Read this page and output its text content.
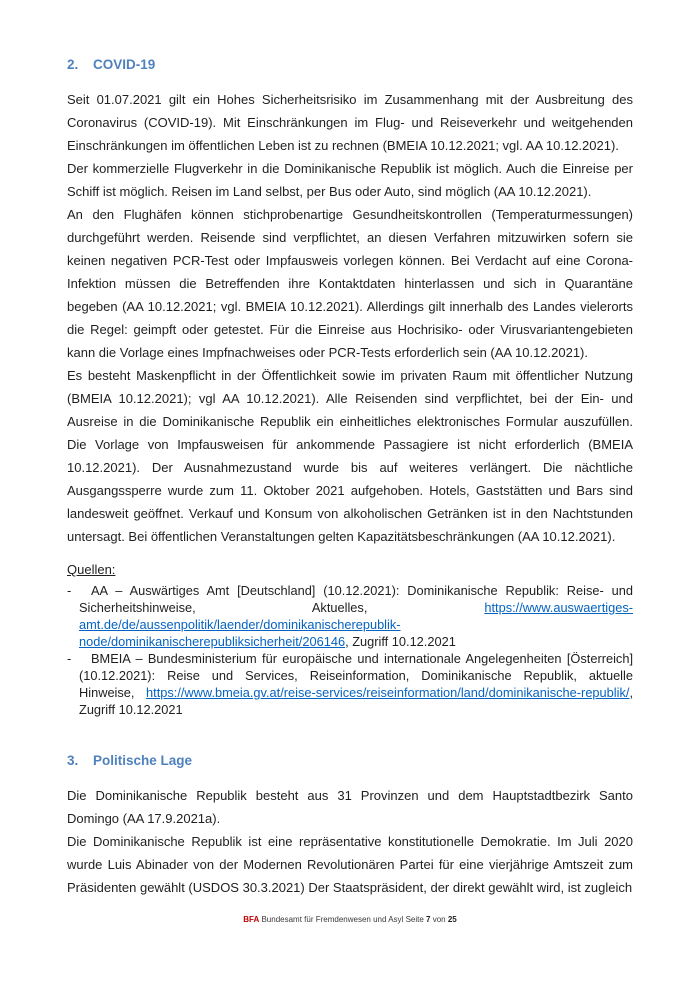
2. COVID-19

Seit 01.07.2021 gilt ein Hohes Sicherheitsrisiko im Zusammenhang mit der Ausbreitung des Coronavirus (COVID-19). Mit Einschränkungen im Flug- und Reiseverkehr und weitgehenden Einschränkungen im öffentlichen Leben ist zu rechnen (BMEIA 10.12.2021; vgl. AA 10.12.2021).

Der kommerzielle Flugverkehr in die Dominikanische Republik ist möglich. Auch die Einreise per Schiff ist möglich. Reisen im Land selbst, per Bus oder Auto, sind möglich (AA 10.12.2021).

An den Flughäfen können stichprobenartige Gesundheitskontrollen (Temperaturmessungen) durchgeführt werden. Reisende sind verpflichtet, an diesen Verfahren mitzuwirken sofern sie keinen negativen PCR-Test oder Impfausweis vorlegen können. Bei Verdacht auf eine Corona-Infektion müssen die Betreffenden ihre Kontaktdaten hinterlassen und sich in Quarantäne begeben (AA 10.12.2021; vgl. BMEIA 10.12.2021). Allerdings gilt innerhalb des Landes vielerorts die Regel: geimpft oder getestet. Für die Einreise aus Hochrisiko- oder Virusvariantengebieten kann die Vorlage eines Impfnachweises oder PCR-Tests erforderlich sein (AA 10.12.2021).

Es besteht Maskenpflicht in der Öffentlichkeit sowie im privaten Raum mit öffentlicher Nutzung (BMEIA 10.12.2021); vgl AA 10.12.2021). Alle Reisenden sind verpflichtet, bei der Ein- und Ausreise in die Dominikanische Republik ein einheitliches elektronisches Formular auszufüllen. Die Vorlage von Impfausweisen für ankommende Passagiere ist nicht erforderlich (BMEIA 10.12.2021). Der Ausnahmezustand wurde bis auf weiteres verlängert. Die nächtliche Ausgangssperre wurde zum 11. Oktober 2021 aufgehoben. Hotels, Gaststätten und Bars sind landesweit geöffnet. Verkauf und Konsum von alkoholischen Getränken ist in den Nachtstunden untersagt. Bei öffentlichen Veranstaltungen gelten Kapazitätsbeschränkungen (AA 10.12.2021).

Quellen:
- AA – Auswärtiges Amt [Deutschland] (10.12.2021): Dominikanische Republik: Reise- und Sicherheitshinweise, Aktuelles, https://www.auswaertiges-amt.de/de/aussenpolitik/laender/dominikanischerepublik-node/dominikanischerepubliksicherheit/206146, Zugriff 10.12.2021
- BMEIA – Bundesministerium für europäische und internationale Angelegenheiten [Österreich] (10.12.2021): Reise und Services, Reiseinformation, Dominikanische Republik, aktuelle Hinweise, https://www.bmeia.gv.at/reise-services/reiseinformation/land/dominikanische-republik/, Zugriff 10.12.2021
3. Politische Lage

Die Dominikanische Republik besteht aus 31 Provinzen und dem Hauptstadtbezirk Santo Domingo (AA 17.9.2021a).

Die Dominikanische Republik ist eine repräsentative konstitutionelle Demokratie. Im Juli 2020 wurde Luis Abinader von der Modernen Revolutionären Partei für eine vierjährige Amtszeit zum Präsidenten gewählt (USDOS 30.3.2021) Der Staatspräsident, der direkt gewählt wird, ist zugleich

BFA Bundesamt für Fremdenwesen und Asyl Seite 7 von 25
